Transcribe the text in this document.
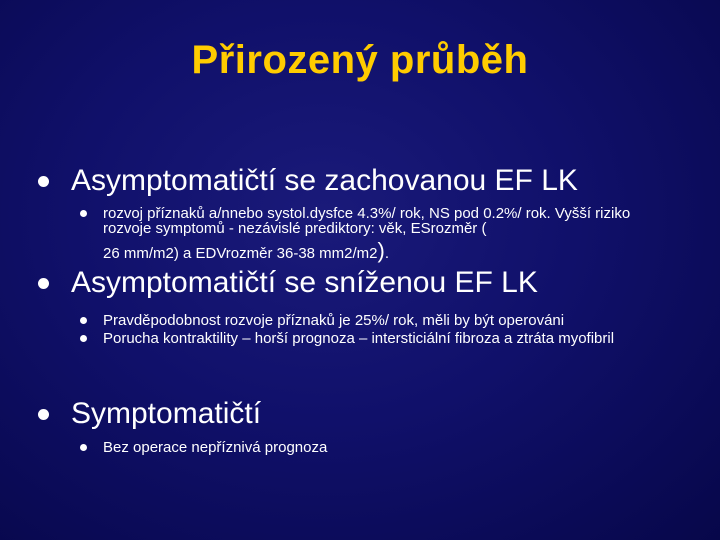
Přirozený průběh
Asymptomatičtí se zachovanou EF LK
rozvoj příznaků a/nnebo systol.dysfce 4.3%/ rok, NS pod 0.2%/ rok. Vyšší riziko rozvoje symptomů - nezávislé prediktory: věk, ESrozměr (
26 mm/m2) a EDVrozměr 36-38 mm2/m2).
Asymptomatičtí se sníženou EF LK
Pravděpodobnost rozvoje příznaků je 25%/ rok, měli by být operováni
Porucha kontraktility – horší prognoza – intersticiální fibroza a ztráta myofibril
Symptomatičtí
Bez operace nepříznivá prognoza
